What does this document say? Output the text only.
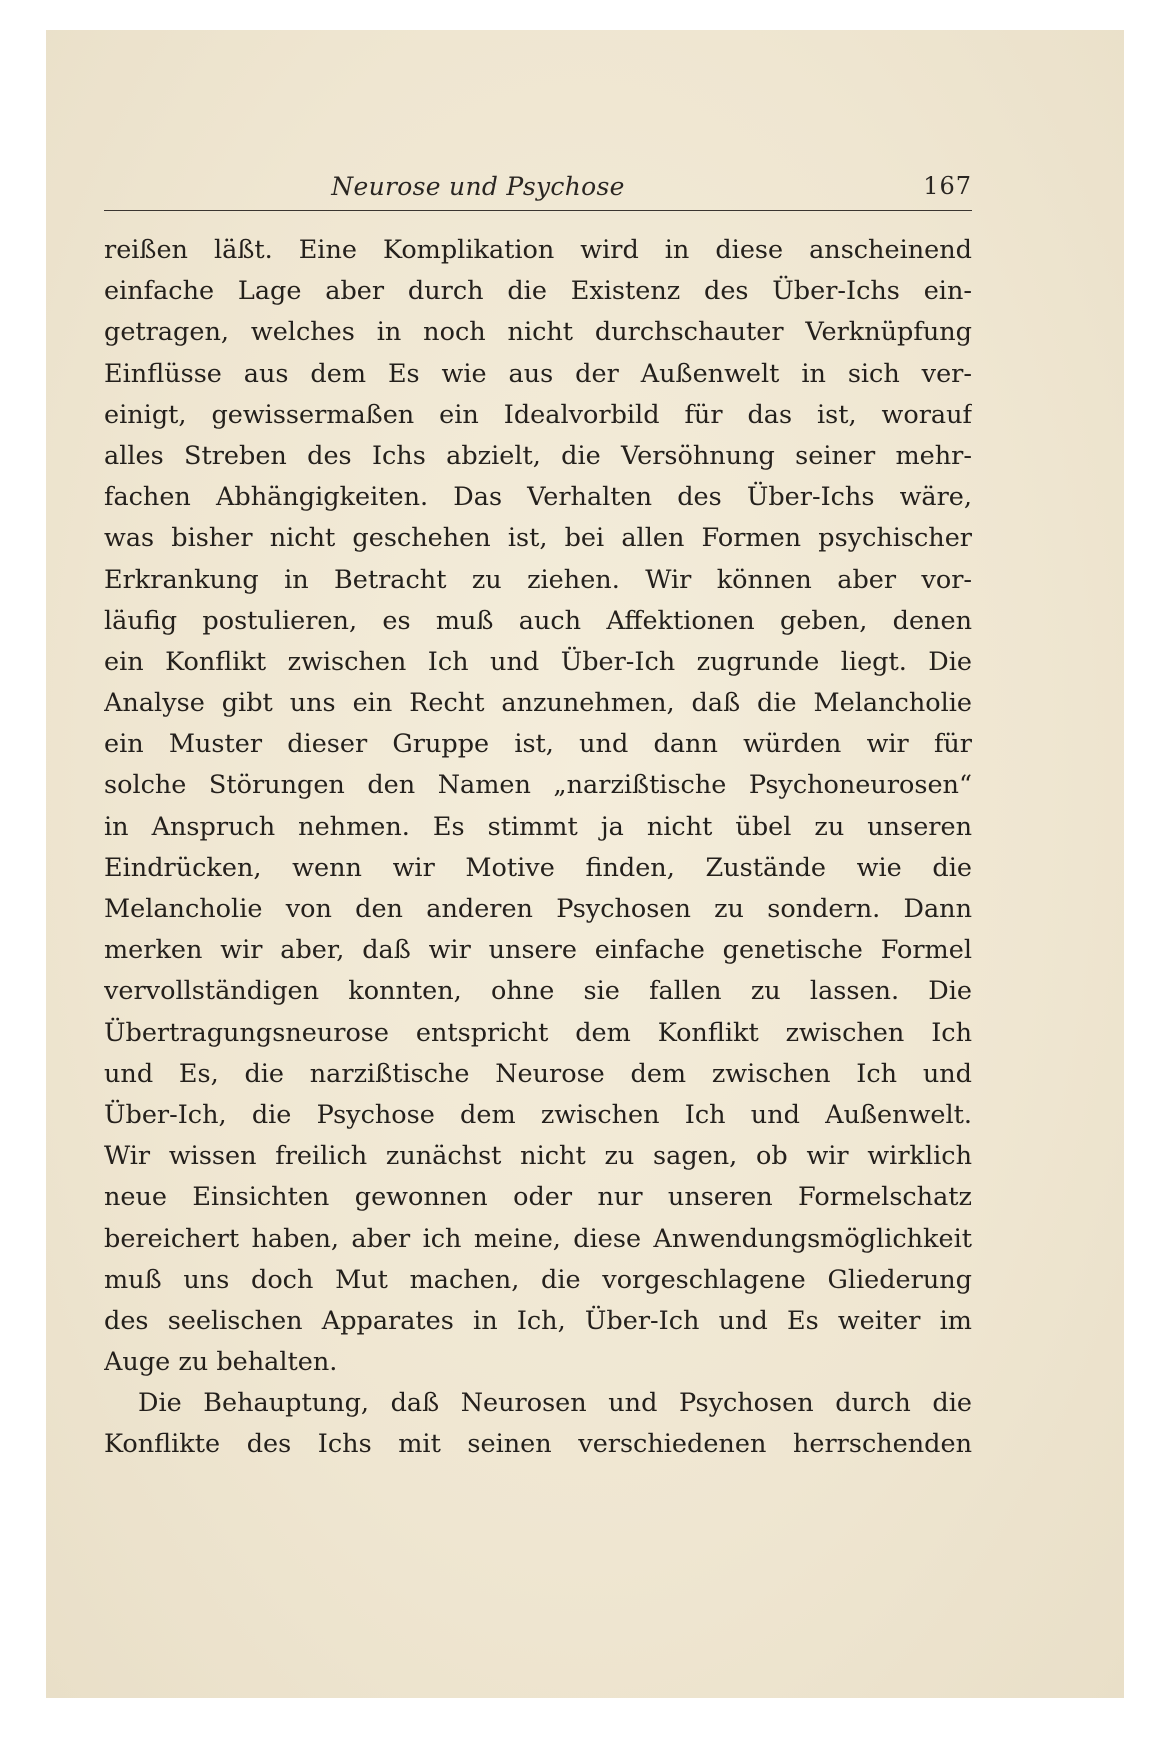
Neurose und Psychose	167
reißen läßt. Eine Komplikation wird in diese anscheinend
einfache Lage aber durch die Existenz des Über-Ichs ein-
getragen, welches in noch nicht durchschauter Verknüpfung
Einflüsse aus dem Es wie aus der Außenwelt in sich ver-
einigt, gewissermaßen ein Idealvorbild für das ist, worauf
alles Streben des Ichs abzielt, die Versöhnung seiner mehr-
fachen Abhängigkeiten. Das Verhalten des Über-Ichs wäre,
was bisher nicht geschehen ist, bei allen Formen psychischer
Erkrankung in Betracht zu ziehen. Wir können aber vor-
läufig postulieren, es muß auch Affektionen geben, denen
ein Konflikt zwischen Ich und Über-Ich zugrunde liegt. Die
Analyse gibt uns ein Recht anzunehmen, daß die Melancholie
ein Muster dieser Gruppe ist, und dann würden wir für
solche Störungen den Namen „narzißtische Psychoneurosen“
in Anspruch nehmen. Es stimmt ja nicht übel zu unseren
Eindrücken, wenn wir Motive finden, Zustände wie die
Melancholie von den anderen Psychosen zu sondern. Dann
merken wir aber, daß wir unsere einfache genetische Formel
vervollständigen konnten, ohne sie fallen zu lassen. Die
Übertragungsneurose entspricht dem Konflikt zwischen Ich
und Es, die narzißtische Neurose dem zwischen Ich und
Über-Ich, die Psychose dem zwischen Ich und Außenwelt.
Wir wissen freilich zunächst nicht zu sagen, ob wir wirklich
neue Einsichten gewonnen oder nur unseren Formelschatz
bereichert haben, aber ich meine, diese Anwendungsmöglichkeit
muß uns doch Mut machen, die vorgeschlagene Gliederung
des seelischen Apparates in Ich, Über-Ich und Es weiter im
Auge zu behalten.
Die Behauptung, daß Neurosen und Psychosen durch die
Konflikte des Ichs mit seinen verschiedenen herrschenden
